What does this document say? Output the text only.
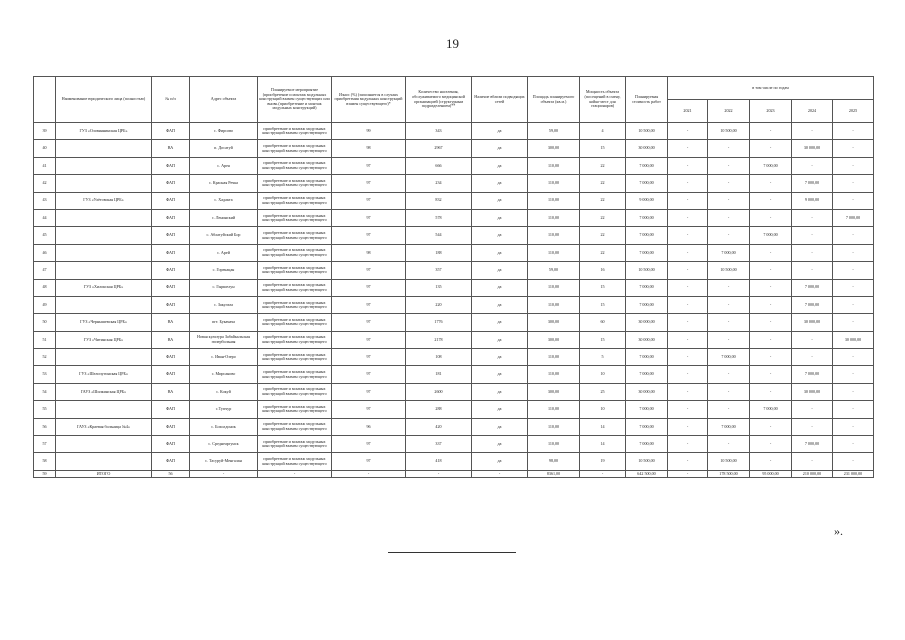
19
	Наименование юридического лица (полностью)	№ п/п	Адрес объекта	Планируемое мероприятие (приобретение и монтаж модульных конструкций взамен существующих или вновь (приобретение и монтаж модульных конструкций)	Износ (%) (заполняется в случаях приобретения модульных конструкций взамен существующего)*	Количество населения, обслуживаемого медицинской организацией (структурным подразделением)**	Наличие вблизи подводящих сетей	Площадь планируемого объекта (кв.м.)	Мощность объекта (посещений в смену, койко-мест для стационаров)	Планируемая стоимость работ	в том числе по годам				
											2021	2022	2023	2024	2025
39	ГУЗ «Оловяннинская ЦРБ»	ФАП	с. Фирсово	приобретение и монтаж модульных конструкций взамен существующего	99	343	да	59,00	4	10 500,00	-	10 500,00	-	-	-
40		ВА	п. Досатуй	приобретение и монтаж модульных конструкций взамен существующего	98	2967	да	300,00	15	30 000,00	-	-	-	30 000,00	-
41		ФАП	с. Арея	приобретение и монтаж модульных конструкций взамен существующего	97	666	да	110,00	22	7 000,00	-	-	7 000,00	-	-
42		ФАП	с. Красная Речка	приобретение и монтаж модульных конструкций взамен существующего	97	234	да	110,00	22	7 000,00	-	-	-	7 000,00	-
43	ГУЗ «Улётовская ЦРБ»	ФАП	с. Хадакта	приобретение и монтаж модульных конструкций взамен существующего	97	832	да	110,00	22	9 000,00	-	-	-	9 000,00	-
44		ФАП	с. Ленинский	приобретение и монтаж модульных конструкций взамен существующего	97	578	да	110,00	22	7 000,00	-	-	-	-	7 000,00
45		ФАП	с. Аблатуйский Бор	приобретение и монтаж модульных конструкций взамен существующего	97	544	да	110,00	22	7 000,00	-	-	7 000,00	-	-
46		ФАП	с. Арей	приобретение и монтаж модульных конструкций взамен существующего	98	188	да	110,00	22	7 000,00	-	7 000,00	-	-	-
47		ФАП	с. Горекацан	приобретение и монтаж модульных конструкций взамен существующего	97	357	да	59,00	16	10 500,00	-	10 500,00	-	-	-
48	ГУЗ «Хилокская ЦРБ»	ФАП	с. Гыршелун	приобретение и монтаж модульных конструкций взамен существующего	97	135	да	110,00	15	7 000,00	-	-	-	7 000,00	-
49		ФАП	с. Закульта	приобретение и монтаж модульных конструкций взамен существующего	97	220	да	110,00	15	7 000,00	-	-	-	7 000,00	-
50	ГУЗ «Чернышевская ЦРБ»	ВА	пгт. Букачача	приобретение и монтаж модульных конструкций взамен существующего	97	1776	да	300,00	60	30 000,00	-	-	-	30 000,00	-
51	ГУЗ «Читинская ЦРБ»	ВА	Новая культура Забайкальская гипербольная	приобретение и монтаж модульных конструкций взамен существующего	97	2178	да	300,00	15	30 000,00	-	-	-	-	30 000,00
52		ФАП	с. Иван-Озеро	приобретение и монтаж модульных конструкций взамен существующего	97	108	да	110,00	5	7 000,00	-	7 000,00	-	-	-
53	ГУЗ «Шелопугинская ЦРБ»	ФАП	с. Мирсаново	приобретение и монтаж модульных конструкций взамен существующего	97	181	да	110,00	10	7 000,00	-	-	-	7 000,00	-
54	ГАУЗ «Шилкинская ЦРБ»	ВА	с. Кокуй	приобретение и монтаж модульных конструкций взамен существующего	97	2600	да	300,00	25	30 000,00	-	-	-	30 000,00	-
55		ФАП	с.Тупчур	приобретение и монтаж модульных конструкций взамен существующего	97	288	да	110,00	10	7 000,00	-	-	7 000,00	-	-
56	ГАУЗ «Краевая больница №4»	ФАП	с. Бохолдонок	приобретение и монтаж модульных конструкций взамен существующего	96	420	да	110,00	14	7 000,00	-	7 000,00	-	-	-
57		ФАП	с. Среднеаргунск	приобретение и монтаж модульных конструкций взамен существующего	97	337	да	110,00	14	7 000,00	-	-	-	7 000,00	-
58		ФАП	с. Тасуруй-Менгалан	приобретение и монтаж модульных конструкций взамен существующего	97	418	да	98,00	19	10 500,00	-	10 500,00	-	-	-
59	ИТОГО	56	-	-	-	-	-	8361,00	-	642 500,00	-	178 500,00	95 000,00	210 000,00	231 000,00
».
